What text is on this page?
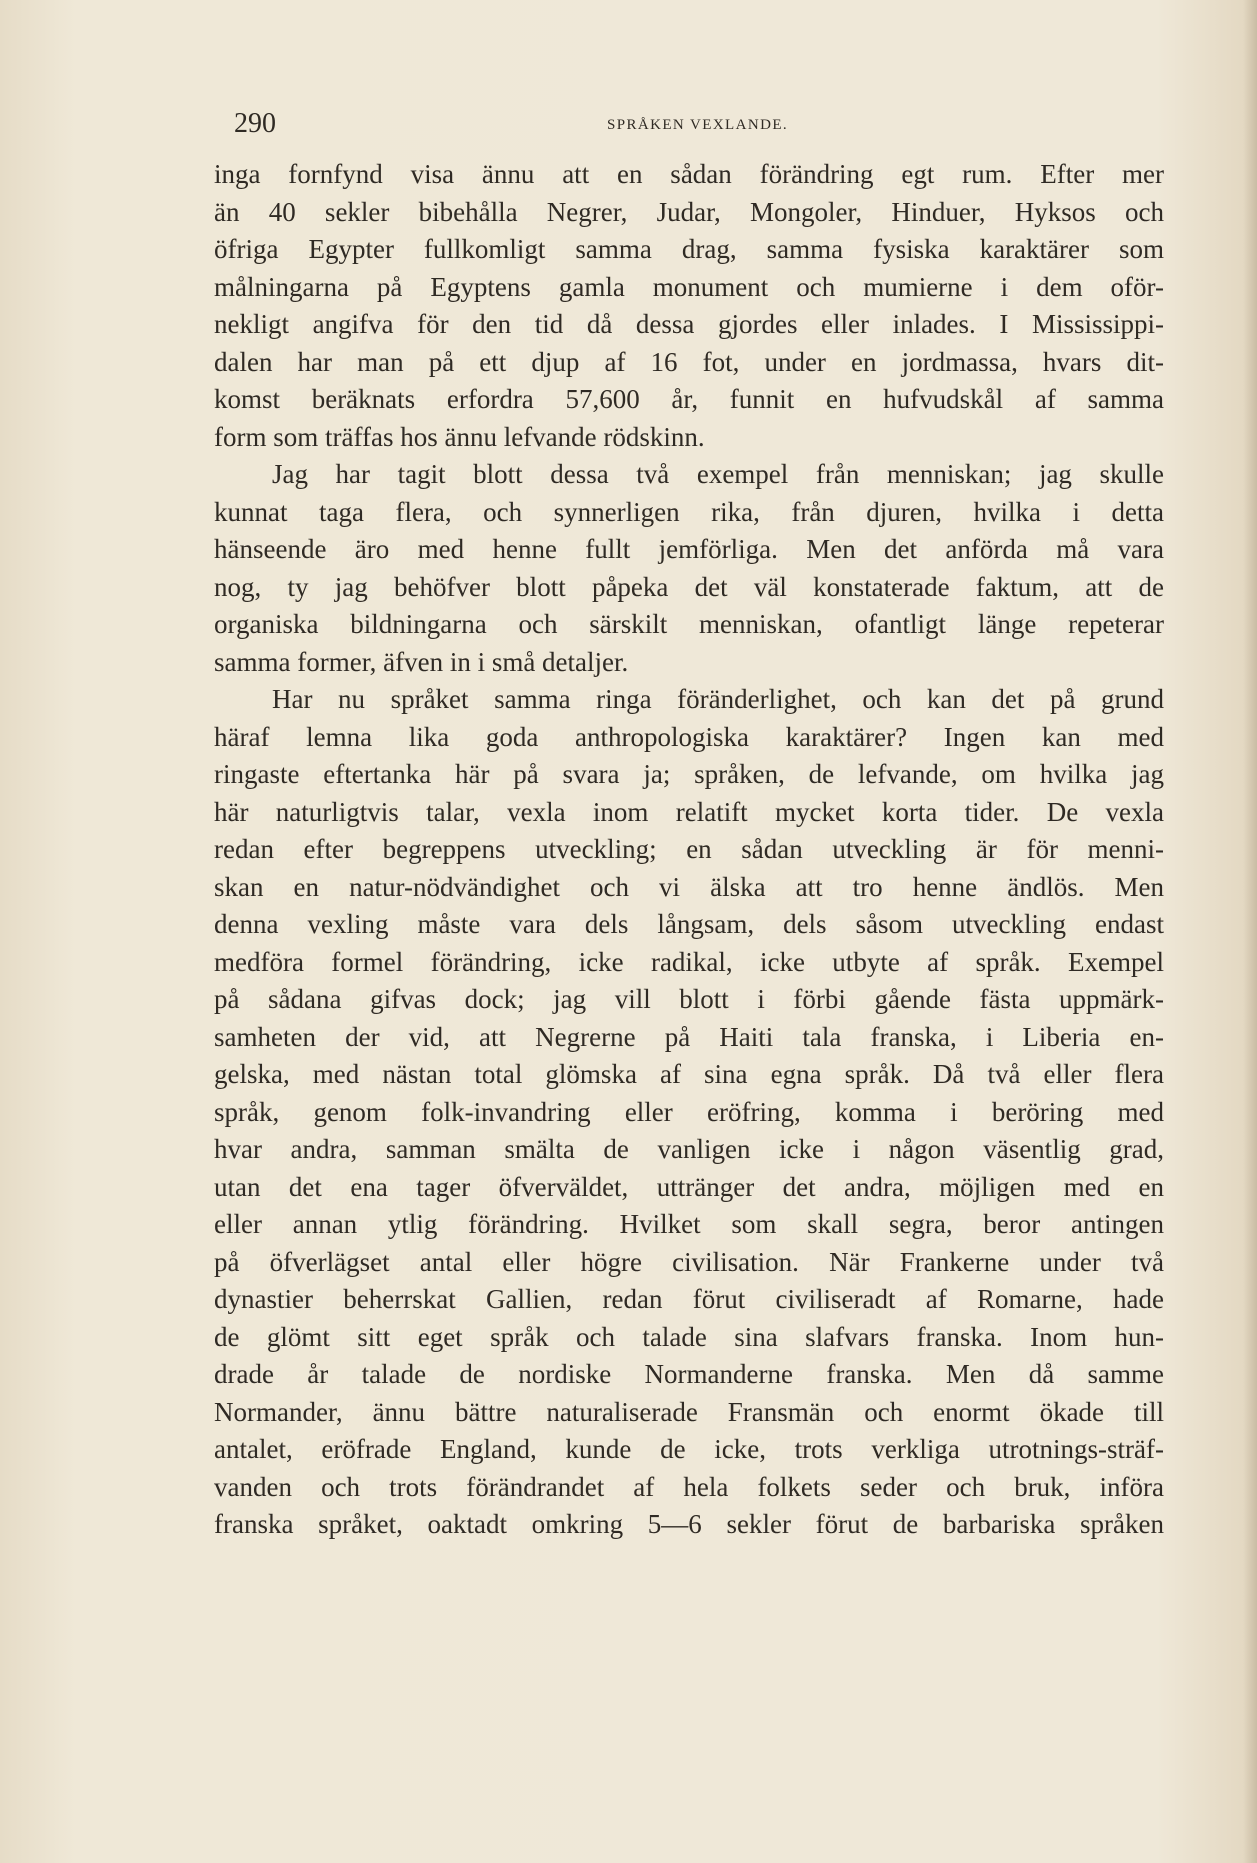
290	SPRÅKEN VEXLANDE.
inga fornfynd visa ännu att en sådan förändring egt rum. Efter mer
än 40 sekler bibehålla Negrer, Judar, Mongoler, Hinduer, Hyksos och
öfriga Egypter fullkomligt samma drag, samma fysiska karaktärer som
målningarna på Egyptens gamla monument och mumierne i dem oför-
nekligt angifva för den tid då dessa gjordes eller inlades. I Mississippi-
dalen har man på ett djup af 16 fot, under en jordmassa, hvars dit-
komst beräknats erfordra 57,600 år, funnit en hufvudskål af samma
form som träffas hos ännu lefvande rödskinn.
Jag har tagit blott dessa två exempel från menniskan; jag skulle
kunnat taga flera, och synnerligen rika, från djuren, hvilka i detta
hänseende äro med henne fullt jemförliga. Men det anförda må vara
nog, ty jag behöfver blott påpeka det väl konstaterade faktum, att de
organiska bildningarna och särskilt menniskan, ofantligt länge repeterar
samma former, äfven in i små detaljer.
Har nu språket samma ringa föränderlighet, och kan det på grund
häraf lemna lika goda anthropologiska karaktärer? Ingen kan med
ringaste eftertanka här på svara ja; språken, de lefvande, om hvilka jag
här naturligtvis talar, vexla inom relatift mycket korta tider. De vexla
redan efter begreppens utveckling; en sådan utveckling är för menni-
skan en natur-nödvändighet och vi älska att tro henne ändlös. Men
denna vexling måste vara dels långsam, dels såsom utveckling endast
medföra formel förändring, icke radikal, icke utbyte af språk. Exempel
på sådana gifvas dock; jag vill blott i förbi gående fästa uppmärk-
samheten der vid, att Negrerne på Haiti tala franska, i Liberia en-
gelska, med nästan total glömska af sina egna språk. Då två eller flera
språk, genom folk-invandring eller eröfring, komma i beröring med
hvar andra, samman smälta de vanligen icke i någon väsentlig grad,
utan det ena tager öfverväldet, uttränger det andra, möjligen med en
eller annan ytlig förändring. Hvilket som skall segra, beror antingen
på öfverlägset antal eller högre civilisation. När Frankerne under två
dynastier beherrskat Gallien, redan förut civiliseradt af Romarne, hade
de glömt sitt eget språk och talade sina slafvars franska. Inom hun-
drade år talade de nordiske Normanderne franska. Men då samme
Normander, ännu bättre naturaliserade Fransmän och enormt ökade till
antalet, eröfrade England, kunde de icke, trots verkliga utrotnings-sträf-
vanden och trots förändrandet af hela folkets seder och bruk, införa
franska språket, oaktadt omkring 5—6 sekler förut de barbariska språken
